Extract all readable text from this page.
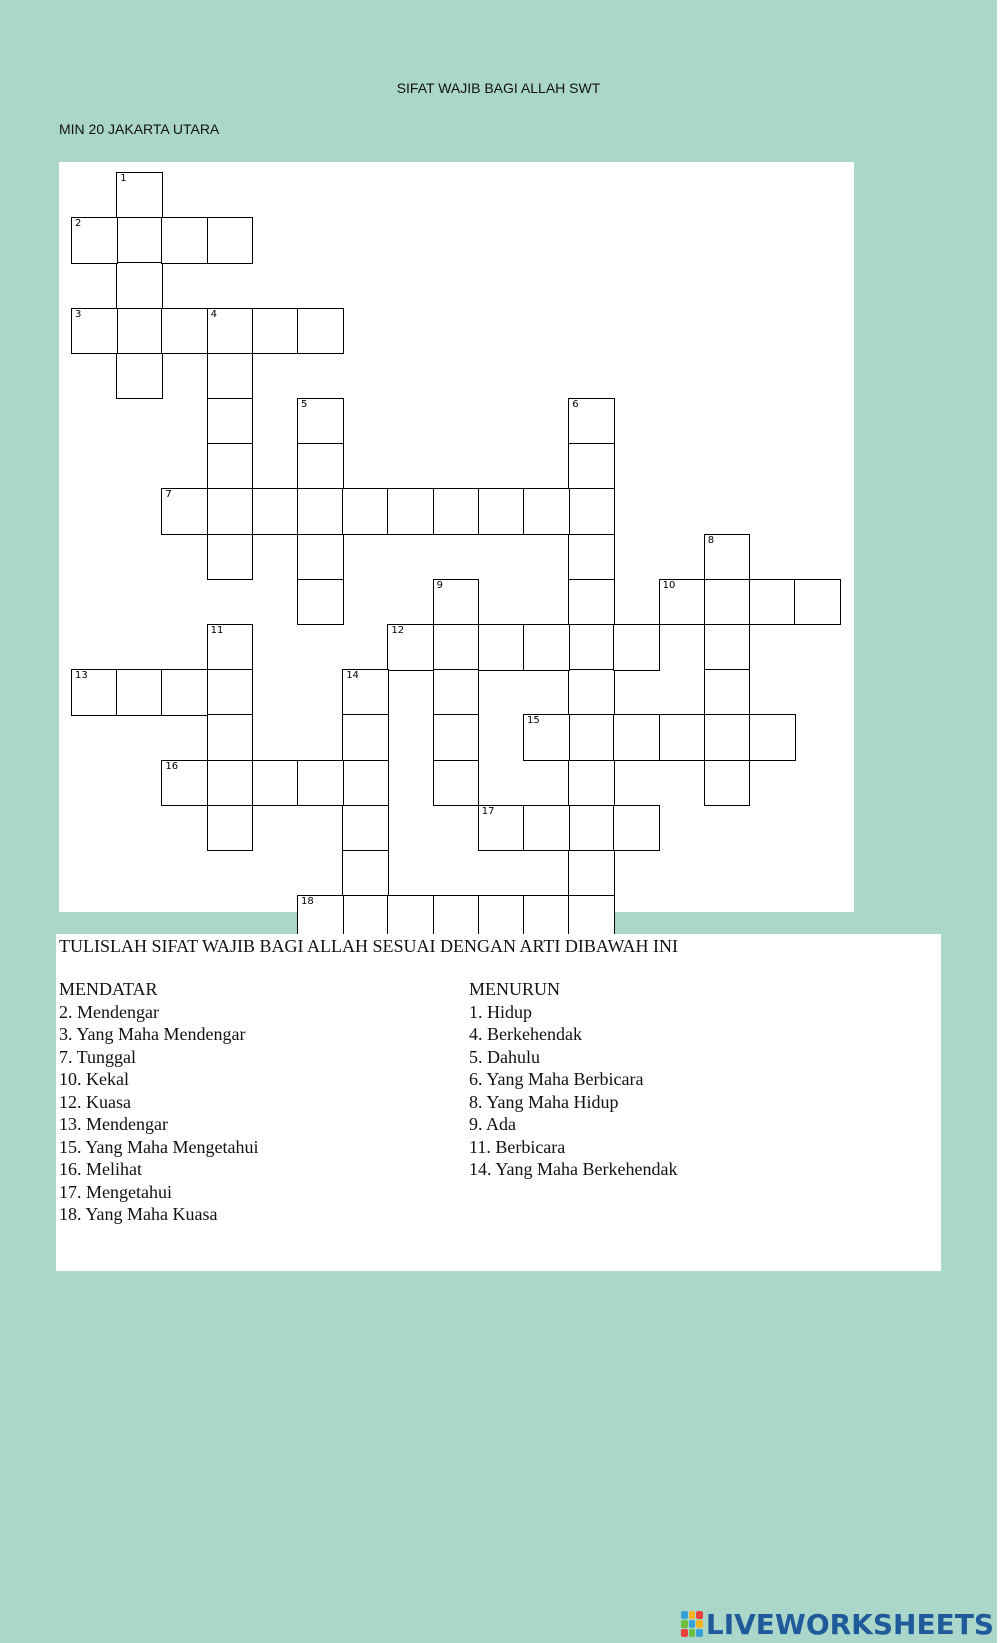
SIFAT WAJIB BAGI ALLAH SWT
MIN 20 JAKARTA UTARA
1
2
3	4
5	6
7
8
9	10
11	12
13	14
15
16
17
18
TULISLAH SIFAT WAJIB BAGI ALLAH SESUAI DENGAN ARTI DIBAWAH INI
MENDATAR
2. Mendengar
3. Yang Maha Mendengar
7. Tunggal
10. Kekal
12. Kuasa
13. Mendengar
15. Yang Maha Mengetahui
16. Melihat
17. Mengetahui
18. Yang Maha Kuasa
MENURUN
1. Hidup
4. Berkehendak
5. Dahulu
6. Yang Maha Berbicara
8. Yang Maha Hidup
9. Ada
11. Berbicara
14. Yang Maha Berkehendak
LIVEWORKSHEETS
